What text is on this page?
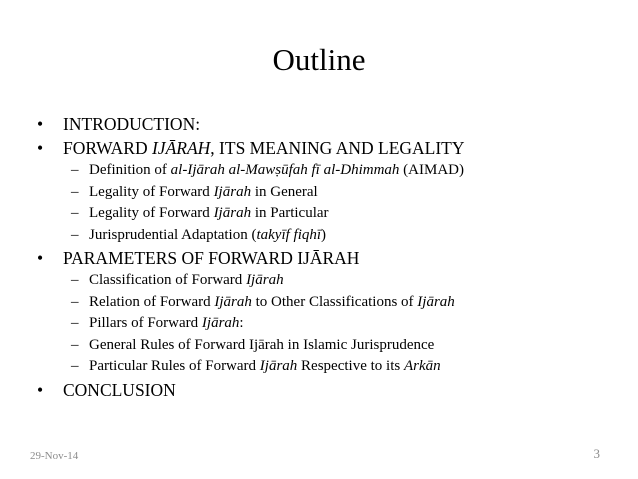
Outline
• INTRODUCTION:
• FORWARD IJĀRAH, ITS MEANING AND LEGALITY
– Definition of al-Ijārah al-Mawṣūfah fī al-Dhimmah (AIMAD)
– Legality of Forward Ijārah in General
– Legality of Forward Ijārah in Particular
– Jurisprudential Adaptation (takyīf fiqhī)
• PARAMETERS OF FORWARD IJĀRAH
– Classification of Forward Ijārah
– Relation of Forward Ijārah to Other Classifications of Ijārah
– Pillars of Forward Ijārah:
– General Rules of Forward Ijārah in Islamic Jurisprudence
– Particular Rules of Forward Ijārah Respective to its Arkān
• CONCLUSION
29-Nov-14	3
